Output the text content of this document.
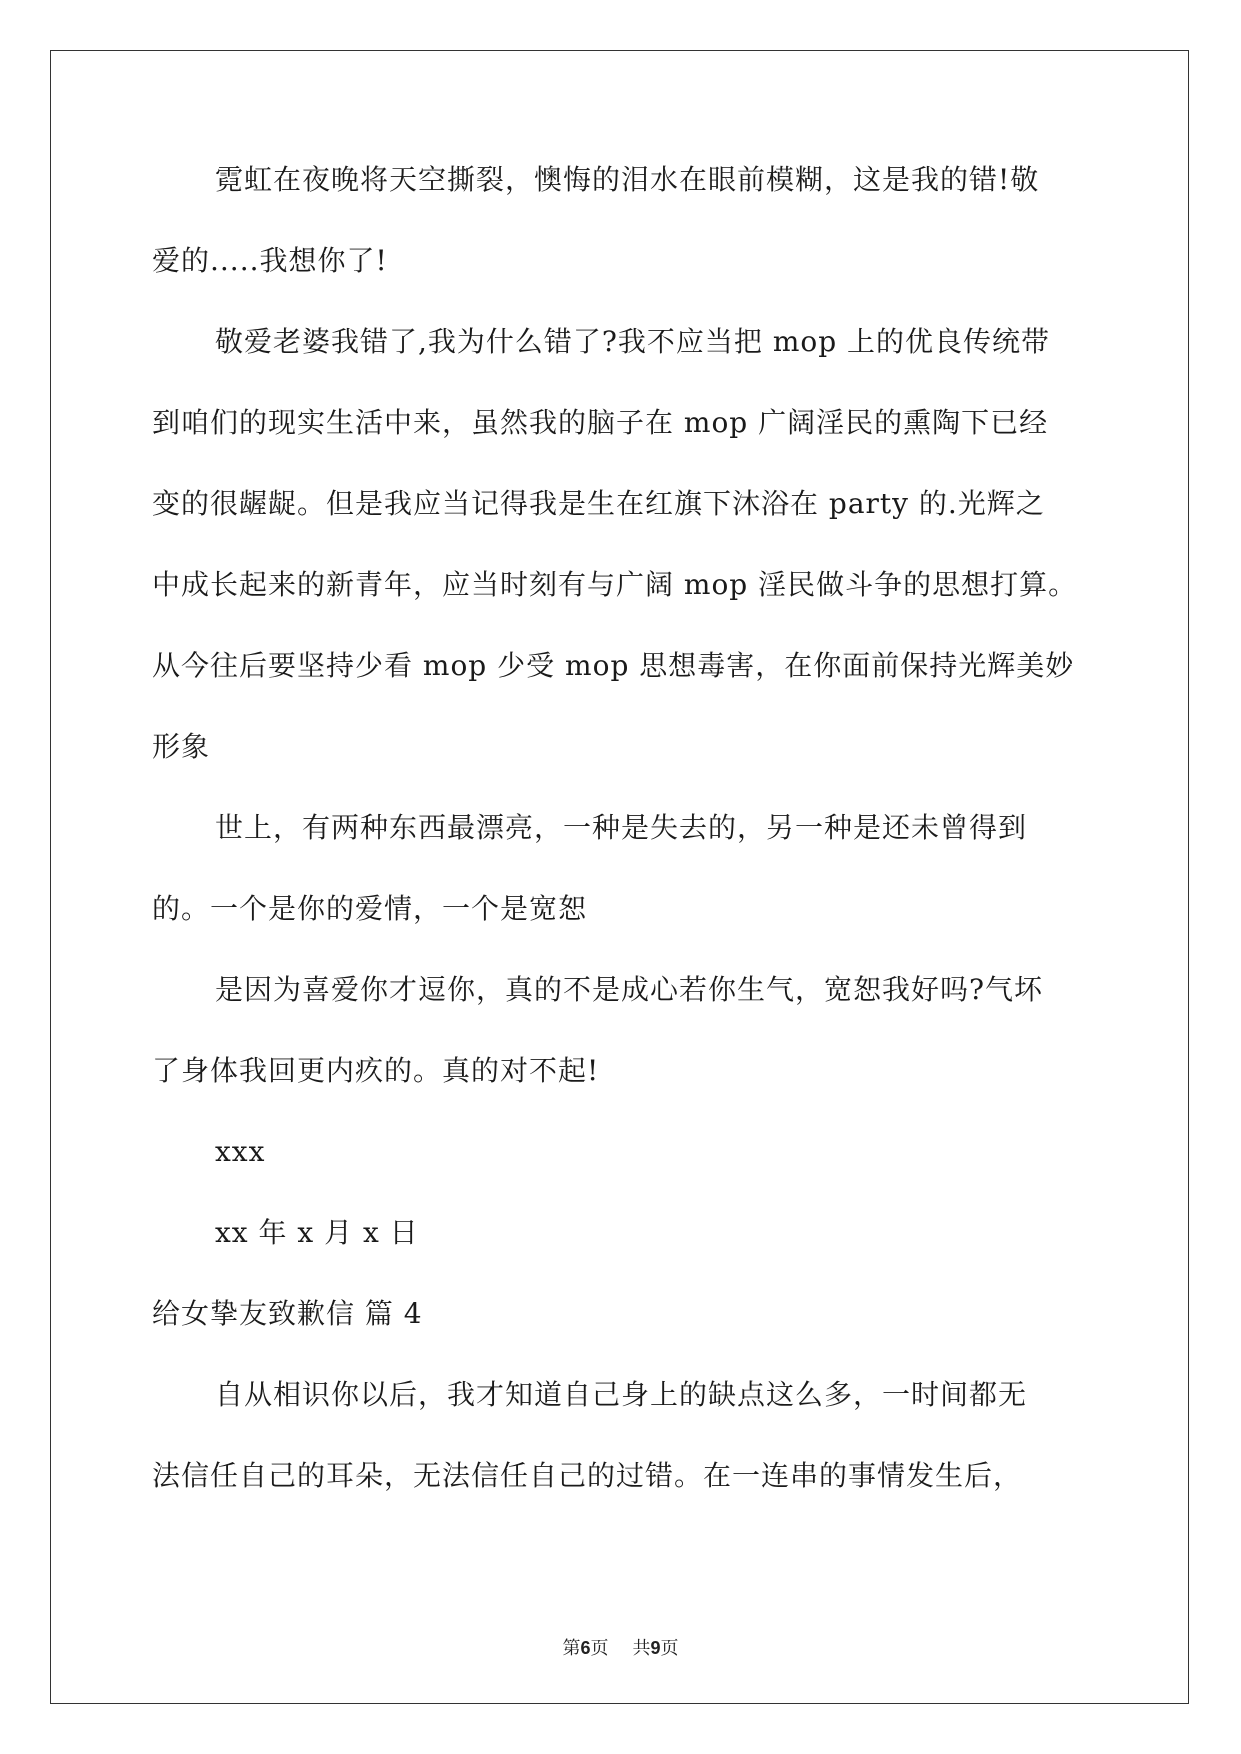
霓虹在夜晚将天空撕裂，懊悔的泪水在眼前模糊，这是我的错!敬
爱的.....我想你了!
敬爱老婆我错了,我为什么错了?我不应当把 mop 上的优良传统带
到咱们的现实生活中来，虽然我的脑子在 mop 广阔淫民的熏陶下已经
变的很龌龊。但是我应当记得我是生在红旗下沐浴在 party 的.光辉之
中成长起来的新青年，应当时刻有与广阔 mop 淫民做斗争的思想打算。
从今往后要坚持少看 mop 少受 mop 思想毒害，在你面前保持光辉美妙
形象
世上，有两种东西最漂亮，一种是失去的，另一种是还未曾得到
的。一个是你的爱情，一个是宽恕
是因为喜爱你才逗你，真的不是成心若你生气，宽恕我好吗?气坏
了身体我回更内疚的。真的对不起!
xxx
xx 年 x 月 x 日
给女挚友致歉信 篇 4
自从相识你以后，我才知道自己身上的缺点这么多，一时间都无
法信任自己的耳朵，无法信任自己的过错。在一连串的事情发生后，
第6页 共9页
